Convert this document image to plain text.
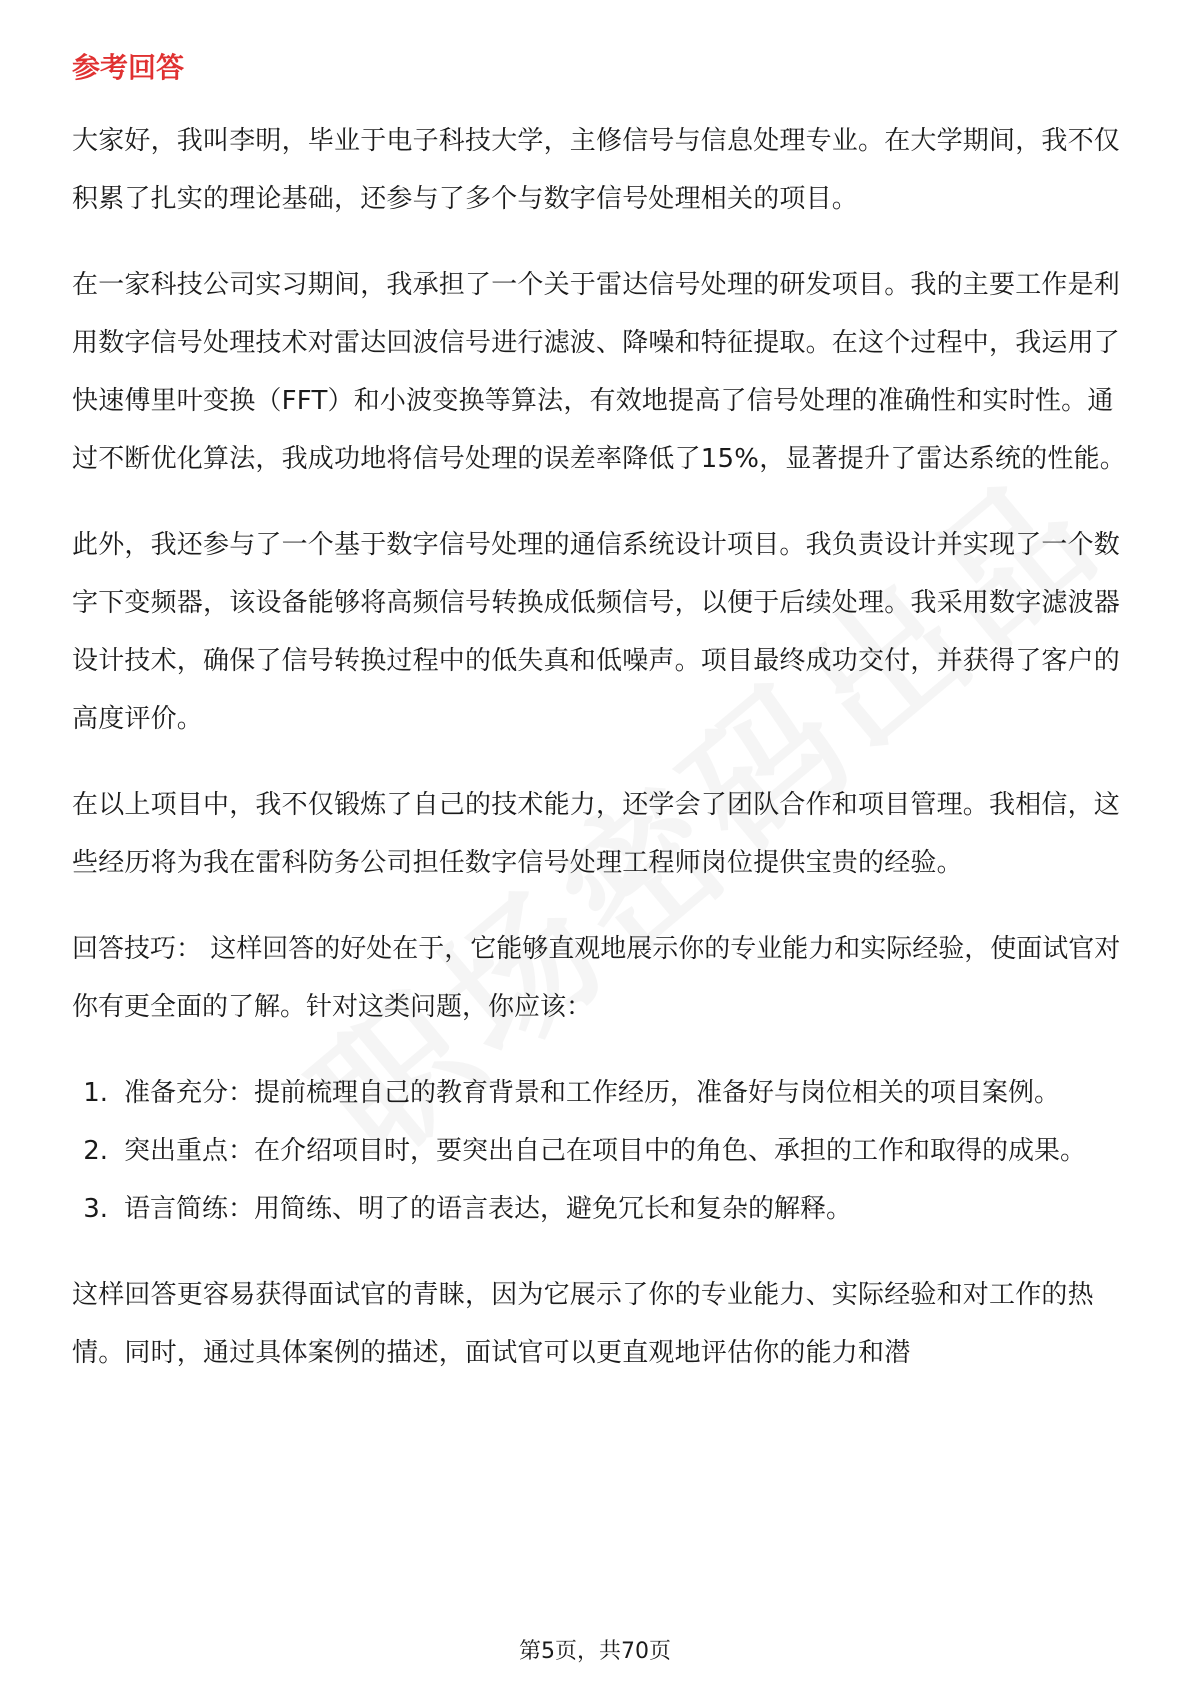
参考回答

大家好，我叫李明，毕业于电子科技大学，主修信号与信息处理专业。在大学期间，我不仅积累了扎实的理论基础，还参与了多个与数字信号处理相关的项目。

在一家科技公司实习期间，我承担了一个关于雷达信号处理的研发项目。我的主要工作是利用数字信号处理技术对雷达回波信号进行滤波、降噪和特征提取。在这个过程中，我运用了快速傅里叶变换（FFT）和小波变换等算法，有效地提高了信号处理的准确性和实时性。通过不断优化算法，我成功地将信号处理的误差率降低了15%，显著提升了雷达系统的性能。

此外，我还参与了一个基于数字信号处理的通信系统设计项目。我负责设计并实现了一个数字下变频器，该设备能够将高频信号转换成低频信号，以便于后续处理。我采用数字滤波器设计技术，确保了信号转换过程中的低失真和低噪声。项目最终成功交付，并获得了客户的高度评价。

在以上项目中，我不仅锻炼了自己的技术能力，还学会了团队合作和项目管理。我相信，这些经历将为我在雷科防务公司担任数字信号处理工程师岗位提供宝贵的经验。

回答技巧： 这样回答的好处在于，它能够直观地展示你的专业能力和实际经验，使面试官对你有更全面的了解。针对这类问题，你应该：

1. 准备充分：提前梳理自己的教育背景和工作经历，准备好与岗位相关的项目案例。
2. 突出重点：在介绍项目时，要突出自己在项目中的角色、承担的工作和取得的成果。
3. 语言简练：用简练、明了的语言表达，避免冗长和复杂的解释。

这样回答更容易获得面试官的青睐，因为它展示了你的专业能力、实际经验和对工作的热情。同时，通过具体案例的描述，面试官可以更直观地评估你的能力和潜

第5页，共70页
